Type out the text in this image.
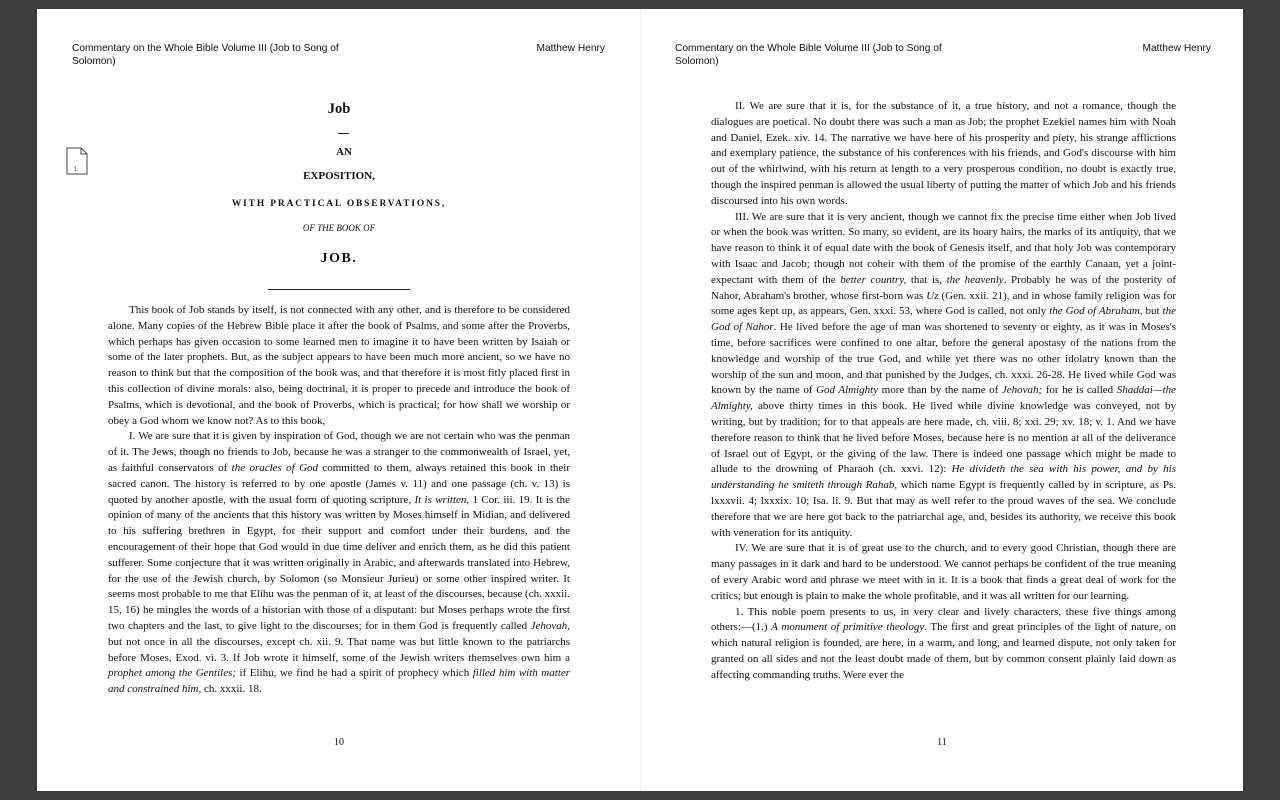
Commentary on the Whole Bible Volume III (Job to Song of Solomon)
Matthew Henry
1
Job
AN
EXPOSITION,
WITH PRACTICAL OBSERVATIONS,
OF THE BOOK OF
JOB.

This book of Job stands by itself, is not connected with any other, and is therefore to be considered alone. Many copies of the Hebrew Bible place it after the book of Psalms, and some after the Proverbs, which perhaps has given occasion to some learned men to imagine it to have been written by Isaiah or some of the later prophets. But, as the subject appears to have been much more ancient, so we have no reason to think but that the composition of the book was, and that therefore it is most fitly placed first in this collection of divine morals: also, being doctrinal, it is proper to precede and introduce the book of Psalms, which is devotional, and the book of Proverbs, which is practical; for how shall we worship or obey a God whom we know not? As to this book,

I. We are sure that it is given by inspiration of God, though we are not certain who was the penman of it. The Jews, though no friends to Job, because he was a stranger to the commonwealth of Israel, yet, as faithful conservators of the oracles of God committed to them, always retained this book in their sacred canon. The history is referred to by one apostle (James v. 11) and one passage (ch. v. 13) is quoted by another apostle, with the usual form of quoting scripture, It is written, 1 Cor. iii. 19. It is the opinion of many of the ancients that this history was written by Moses himself in Midian, and delivered to his suffering brethren in Egypt, for their support and comfort under their burdens, and the encouragement of their hope that God would in due time deliver and enrich them, as he did this patient sufferer. Some conjecture that it was written originally in Arabic, and afterwards translated into Hebrew, for the use of the Jewish church, by Solomon (so Monsieur Jurieu) or some other inspired writer. It seems most probable to me that Elihu was the penman of it, at least of the discourses, because (ch. xxxii. 15, 16) he mingles the words of a historian with those of a disputant: but Moses perhaps wrote the first two chapters and the last, to give light to the discourses; for in them God is frequently called Jehovah, but not once in all the discourses, except ch. xii. 9. That name was but little known to the patriarchs before Moses, Exod. vi. 3. If Job wrote it himself, some of the Jewish writers themselves own him a prophet among the Gentiles; if Elihu, we find he had a spirit of prophecy which filled him with matter and constrained him, ch. xxxii. 18.

10
Commentary on the Whole Bible Volume III (Job to Song of Solomon)
Matthew Henry

II. We are sure that it is, for the substance of it, a true history, and not a romance, though the dialogues are poetical. No doubt there was such a man as Job; the prophet Ezekiel names him with Noah and Daniel, Ezek. xiv. 14. The narrative we have here of his prosperity and piety, his strange afflictions and exemplary patience, the substance of his conferences with his friends, and God's discourse with him out of the whirlwind, with his return at length to a very prosperous condition, no doubt is exactly true, though the inspired penman is allowed the usual liberty of putting the matter of which Job and his friends discoursed into his own words.

III. We are sure that it is very ancient, though we cannot fix the precise time either when Job lived or when the book was written. So many, so evident, are its hoary hairs, the marks of its antiquity, that we have reason to think it of equal date with the book of Genesis itself, and that holy Job was contemporary with Isaac and Jacob; though not coheir with them of the promise of the earthly Canaan, yet a joint-expectant with them of the better country, that is, the heavenly. Probably he was of the posterity of Nahor, Abraham's brother, whose first-born was Uz (Gen. xxii. 21), and in whose family religion was for some ages kept up, as appears, Gen. xxxi. 53, where God is called, not only the God of Abraham, but the God of Nahor. He lived before the age of man was shortened to seventy or eighty, as it was in Moses's time, before sacrifices were confined to one altar, before the general apostasy of the nations from the knowledge and worship of the true God, and while yet there was no other idolatry known than the worship of the sun and moon, and that punished by the Judges, ch. xxxi. 26-28. He lived while God was known by the name of God Almighty more than by the name of Jehovah; for he is called Shaddai—the Almighty, above thirty times in this book. He lived while divine knowledge was conveyed, not by writing, but by tradition; for to that appeals are here made, ch. viii. 8; xxi. 29; xv. 18; v. 1. And we have therefore reason to think that he lived before Moses, because here is no mention at all of the deliverance of Israel out of Egypt, or the giving of the law. There is indeed one passage which might be made to allude to the drowning of Pharaoh (ch. xxvi. 12): He divideth the sea with his power, and by his understanding he smiteth through Rahab, which name Egypt is frequently called by in scripture, as Ps. lxxxvii. 4; lxxxix. 10; Isa. li. 9. But that may as well refer to the proud waves of the sea. We conclude therefore that we are here got back to the patriarchal age, and, besides its authority, we receive this book with veneration for its antiquity.

IV. We are sure that it is of great use to the church, and to every good Christian, though there are many passages in it dark and hard to be understood. We cannot perhaps be confident of the true meaning of every Arabic word and phrase we meet with in it. It is a book that finds a great deal of work for the critics; but enough is plain to make the whole profitable, and it was all written for our learning.

1. This noble poem presents to us, in very clear and lively characters, these five things among others:—(1.) A monument of primitive theology. The first and great principles of the light of nature, on which natural religion is founded, are here, in a warm, and long, and learned dispute, not only taken for granted on all sides and not the least doubt made of them, but by common consent plainly laid down as affecting commanding truths. Were ever the

11
